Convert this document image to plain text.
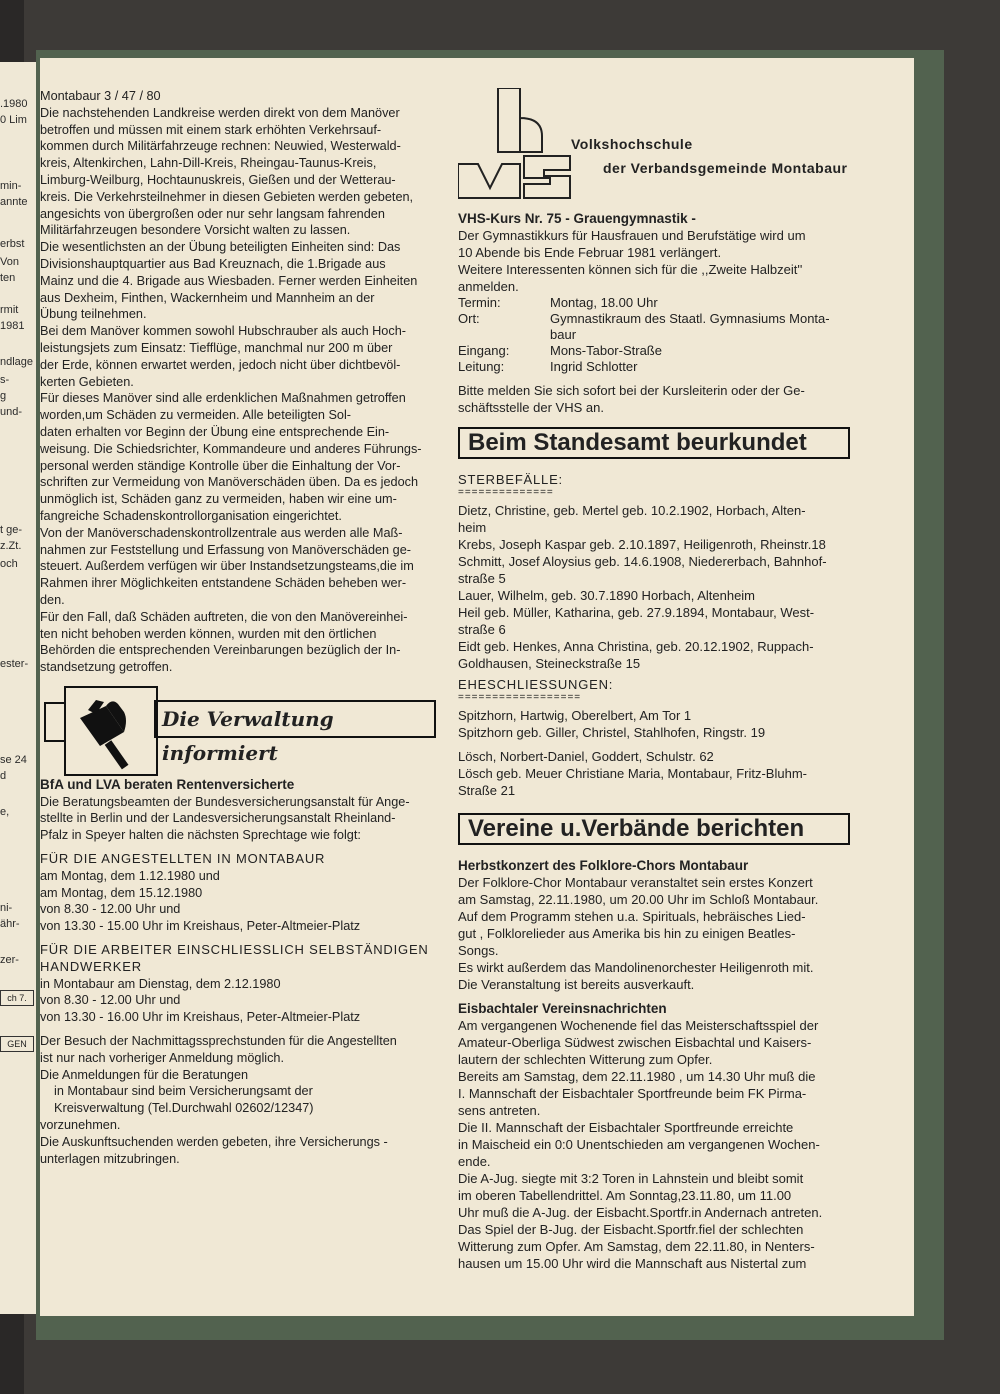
.1980
0 Lim
min-
annte
erbst
Von
ten
rmit
1981
ndlage
s-
g
und-
t ge-
z.Zt.
och
ester-
se 24
d
e,
ni-
ähr-
zer-
ch 7.
GEN

Montabaur 3 / 47 / 80

Die nachstehenden Landkreise werden direkt von dem Manöver
betroffen und müssen mit einem stark erhöhten Verkehrsauf-
kommen durch Militärfahrzeuge rechnen: Neuwied, Westerwald-
kreis, Altenkirchen, Lahn-Dill-Kreis, Rheingau-Taunus-Kreis,
Limburg-Weilburg, Hochtaunuskreis, Gießen und der Wetterau-
kreis. Die Verkehrsteilnehmer in diesen Gebieten werden gebeten,
angesichts von übergroßen oder nur sehr langsam fahrenden
Militärfahrzeugen besondere Vorsicht walten zu lassen.

Die wesentlichsten an der Übung beteiligten Einheiten sind: Das
Divisionshauptquartier aus Bad Kreuznach, die 1.Brigade aus
Mainz und die 4. Brigade aus Wiesbaden. Ferner werden Einheiten
aus Dexheim, Finthen, Wackernheim und Mannheim an der
Übung teilnehmen.

Bei dem Manöver kommen sowohl Hubschrauber als auch Hoch-
leistungsjets zum Einsatz: Tiefflüge, manchmal nur 200 m über
der Erde, können erwartet werden, jedoch nicht über dichtbevöl-
kerten Gebieten.

Für dieses Manöver sind alle erdenklichen Maßnahmen getroffen
worden,um Schäden zu vermeiden. Alle beteiligten Sol-
daten erhalten vor Beginn der Übung eine entsprechende Ein-
weisung. Die Schiedsrichter, Kommandeure und anderes Führungs-
personal werden ständige Kontrolle über die Einhaltung der Vor-
schriften zur Vermeidung von Manöverschäden üben. Da es jedoch
unmöglich ist, Schäden ganz zu vermeiden, haben wir eine um-
fangreiche Schadenskontrollorganisation eingerichtet.

Von der Manöverschadenskontrollzentrale aus werden alle Maß-
nahmen zur Feststellung und Erfassung von Manöverschäden ge-
steuert. Außerdem verfügen wir über Instandsetzungsteams,die im
Rahmen ihrer Möglichkeiten entstandene Schäden beheben wer-
den.

Für den Fall, daß Schäden auftreten, die von den Manövereinhei-
ten nicht behoben werden können, wurden mit den örtlichen
Behörden die entsprechenden Vereinbarungen bezüglich der In-
standsetzung getroffen.

Die Verwaltung informiert

BfA und LVA beraten Rentenversicherte

Die Beratungsbeamten der Bundesversicherungsanstalt für Ange-
stellte in Berlin und der Landesversicherungsanstalt Rheinland-
Pfalz in Speyer halten die nächsten Sprechtage wie folgt:

FÜR DIE ANGESTELLTEN IN MONTABAUR

am Montag, dem 1.12.1980 und
am Montag, dem 15.12.1980

von 8.30 - 12.00 Uhr und
von 13.30 - 15.00 Uhr im Kreishaus, Peter-Altmeier-Platz

FÜR DIE ARBEITER EINSCHLIESSLICH SELBSTÄNDIGEN
HANDWERKER

in Montabaur am Dienstag, dem 2.12.1980

von 8.30 - 12.00 Uhr und
von 13.30 - 16.00 Uhr im Kreishaus, Peter-Altmeier-Platz

Der Besuch der Nachmittagssprechstunden für die Angestellten
ist nur nach vorheriger Anmeldung möglich.

Die Anmeldungen für die Beratungen

in Montabaur sind beim Versicherungsamt der
Kreisverwaltung (Tel.Durchwahl 02602/12347)

vorzunehmen.
Die Auskunftsuchenden werden gebeten, ihre Versicherungs -
unterlagen mitzubringen.

Volkshochschule
der Verbandsgemeinde Montabaur

VHS-Kurs Nr. 75 - Grauengymnastik -

Der Gymnastikkurs für Hausfrauen und Berufstätige wird um
10 Abende bis Ende Februar 1981 verlängert.
Weitere Interessenten können sich für die ,,Zweite Halbzeit''
anmelden.

Termin:	Montag, 18.00 Uhr
Ort:	Gymnastikraum des Staatl. Gymnasiums Monta-
baur
Eingang:	Mons-Tabor-Straße
Leitung:	Ingrid Schlotter

Bitte melden Sie sich sofort bei der Kursleiterin oder der Ge-
schäftsstelle der VHS an.

Beim Standesamt beurkundet

STERBEFÄLLE:

==============

Dietz, Christine, geb. Mertel geb. 10.2.1902, Horbach, Alten-
heim

Krebs, Joseph Kaspar geb. 2.10.1897, Heiligenroth, Rheinstr.18

Schmitt, Josef Aloysius geb. 14.6.1908, Niedererbach, Bahnhof-
straße 5

Lauer, Wilhelm, geb. 30.7.1890 Horbach, Altenheim

Heil geb. Müller, Katharina, geb. 27.9.1894, Montabaur, West-
straße 6

Eidt geb. Henkes, Anna Christina, geb. 20.12.1902, Ruppach-
Goldhausen, Steineckstraße 15

EHESCHLIESSUNGEN:

==================

Spitzhorn, Hartwig, Oberelbert, Am Tor 1
Spitzhorn geb. Giller, Christel, Stahlhofen, Ringstr. 19

Lösch, Norbert-Daniel, Goddert, Schulstr. 62
Lösch geb. Meuer Christiane Maria, Montabaur, Fritz-Bluhm-
Straße 21

Vereine u.Verbände berichten

Herbstkonzert des Folklore-Chors Montabaur

Der Folklore-Chor Montabaur veranstaltet sein erstes Konzert
am Samstag, 22.11.1980, um 20.00 Uhr im Schloß Montabaur.
Auf dem Programm stehen u.a. Spirituals, hebräisches Lied-
gut , Folklorelieder aus Amerika bis hin zu einigen Beatles-
Songs.
Es wirkt außerdem das Mandolinenorchester Heiligenroth mit.
Die Veranstaltung ist bereits ausverkauft.

Eisbachtaler Vereinsnachrichten

Am vergangenen Wochenende fiel das Meisterschaftsspiel der
Amateur-Oberliga Südwest zwischen Eisbachtal und Kaisers-
lautern der schlechten Witterung zum Opfer.

Bereits am Samstag, dem 22.11.1980 , um 14.30 Uhr muß die
I. Mannschaft der Eisbachtaler Sportfreunde beim FK Pirma-
sens antreten.

Die II. Mannschaft der Eisbachtaler Sportfreunde erreichte
in Maischeid ein 0:0 Unentschieden am vergangenen Wochen-
ende.

Die A-Jug. siegte mit 3:2 Toren in Lahnstein und bleibt somit
im oberen Tabellendrittel. Am Sonntag,23.11.80, um 11.00
Uhr muß die A-Jug. der Eisbacht.Sportfr.in Andernach antreten.

Das Spiel der B-Jug. der Eisbacht.Sportfr.fiel der schlechten
Witterung zum Opfer. Am Samstag, dem 22.11.80, in Nenters-
hausen um 15.00 Uhr wird die Mannschaft aus Nistertal zum
